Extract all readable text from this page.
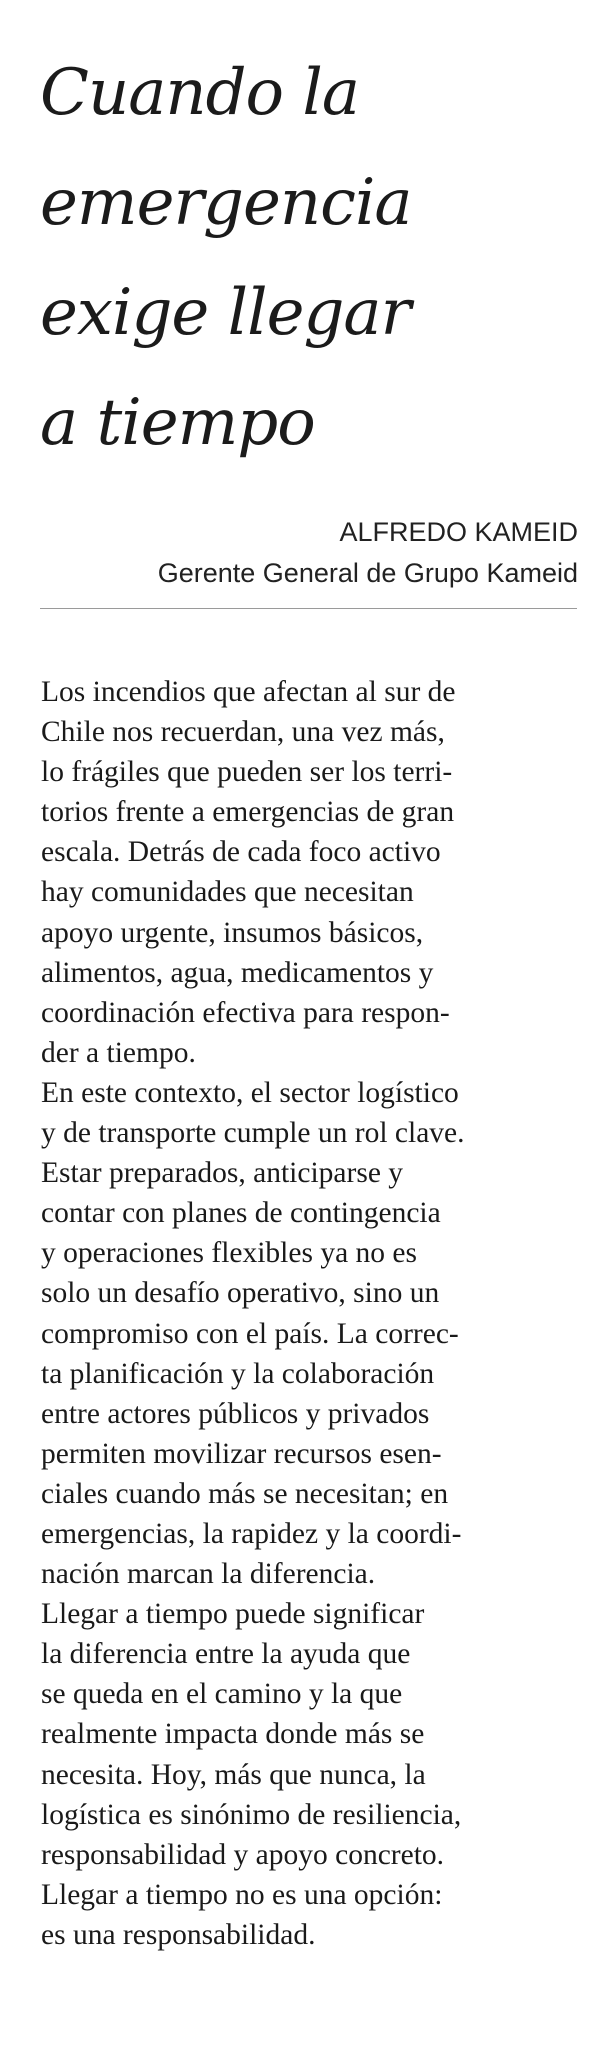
Cuando la
emergencia
exige llegar
a tiempo
ALFREDO KAMEID
Gerente General de Grupo Kameid
Los incendios que afectan al sur de
Chile nos recuerdan, una vez más,
lo frágiles que pueden ser los terri-
torios frente a emergencias de gran
escala. Detrás de cada foco activo
hay comunidades que necesitan
apoyo urgente, insumos básicos,
alimentos, agua, medicamentos y
coordinación efectiva para respon-
der a tiempo.
En este contexto, el sector logístico
y de transporte cumple un rol clave.
Estar preparados, anticiparse y
contar con planes de contingencia
y operaciones flexibles ya no es
solo un desafío operativo, sino un
compromiso con el país. La correc-
ta planificación y la colaboración
entre actores públicos y privados
permiten movilizar recursos esen-
ciales cuando más se necesitan; en
emergencias, la rapidez y la coordi-
nación marcan la diferencia.
Llegar a tiempo puede significar
la diferencia entre la ayuda que
se queda en el camino y la que
realmente impacta donde más se
necesita. Hoy, más que nunca, la
logística es sinónimo de resiliencia,
responsabilidad y apoyo concreto.
Llegar a tiempo no es una opción:
es una responsabilidad.
